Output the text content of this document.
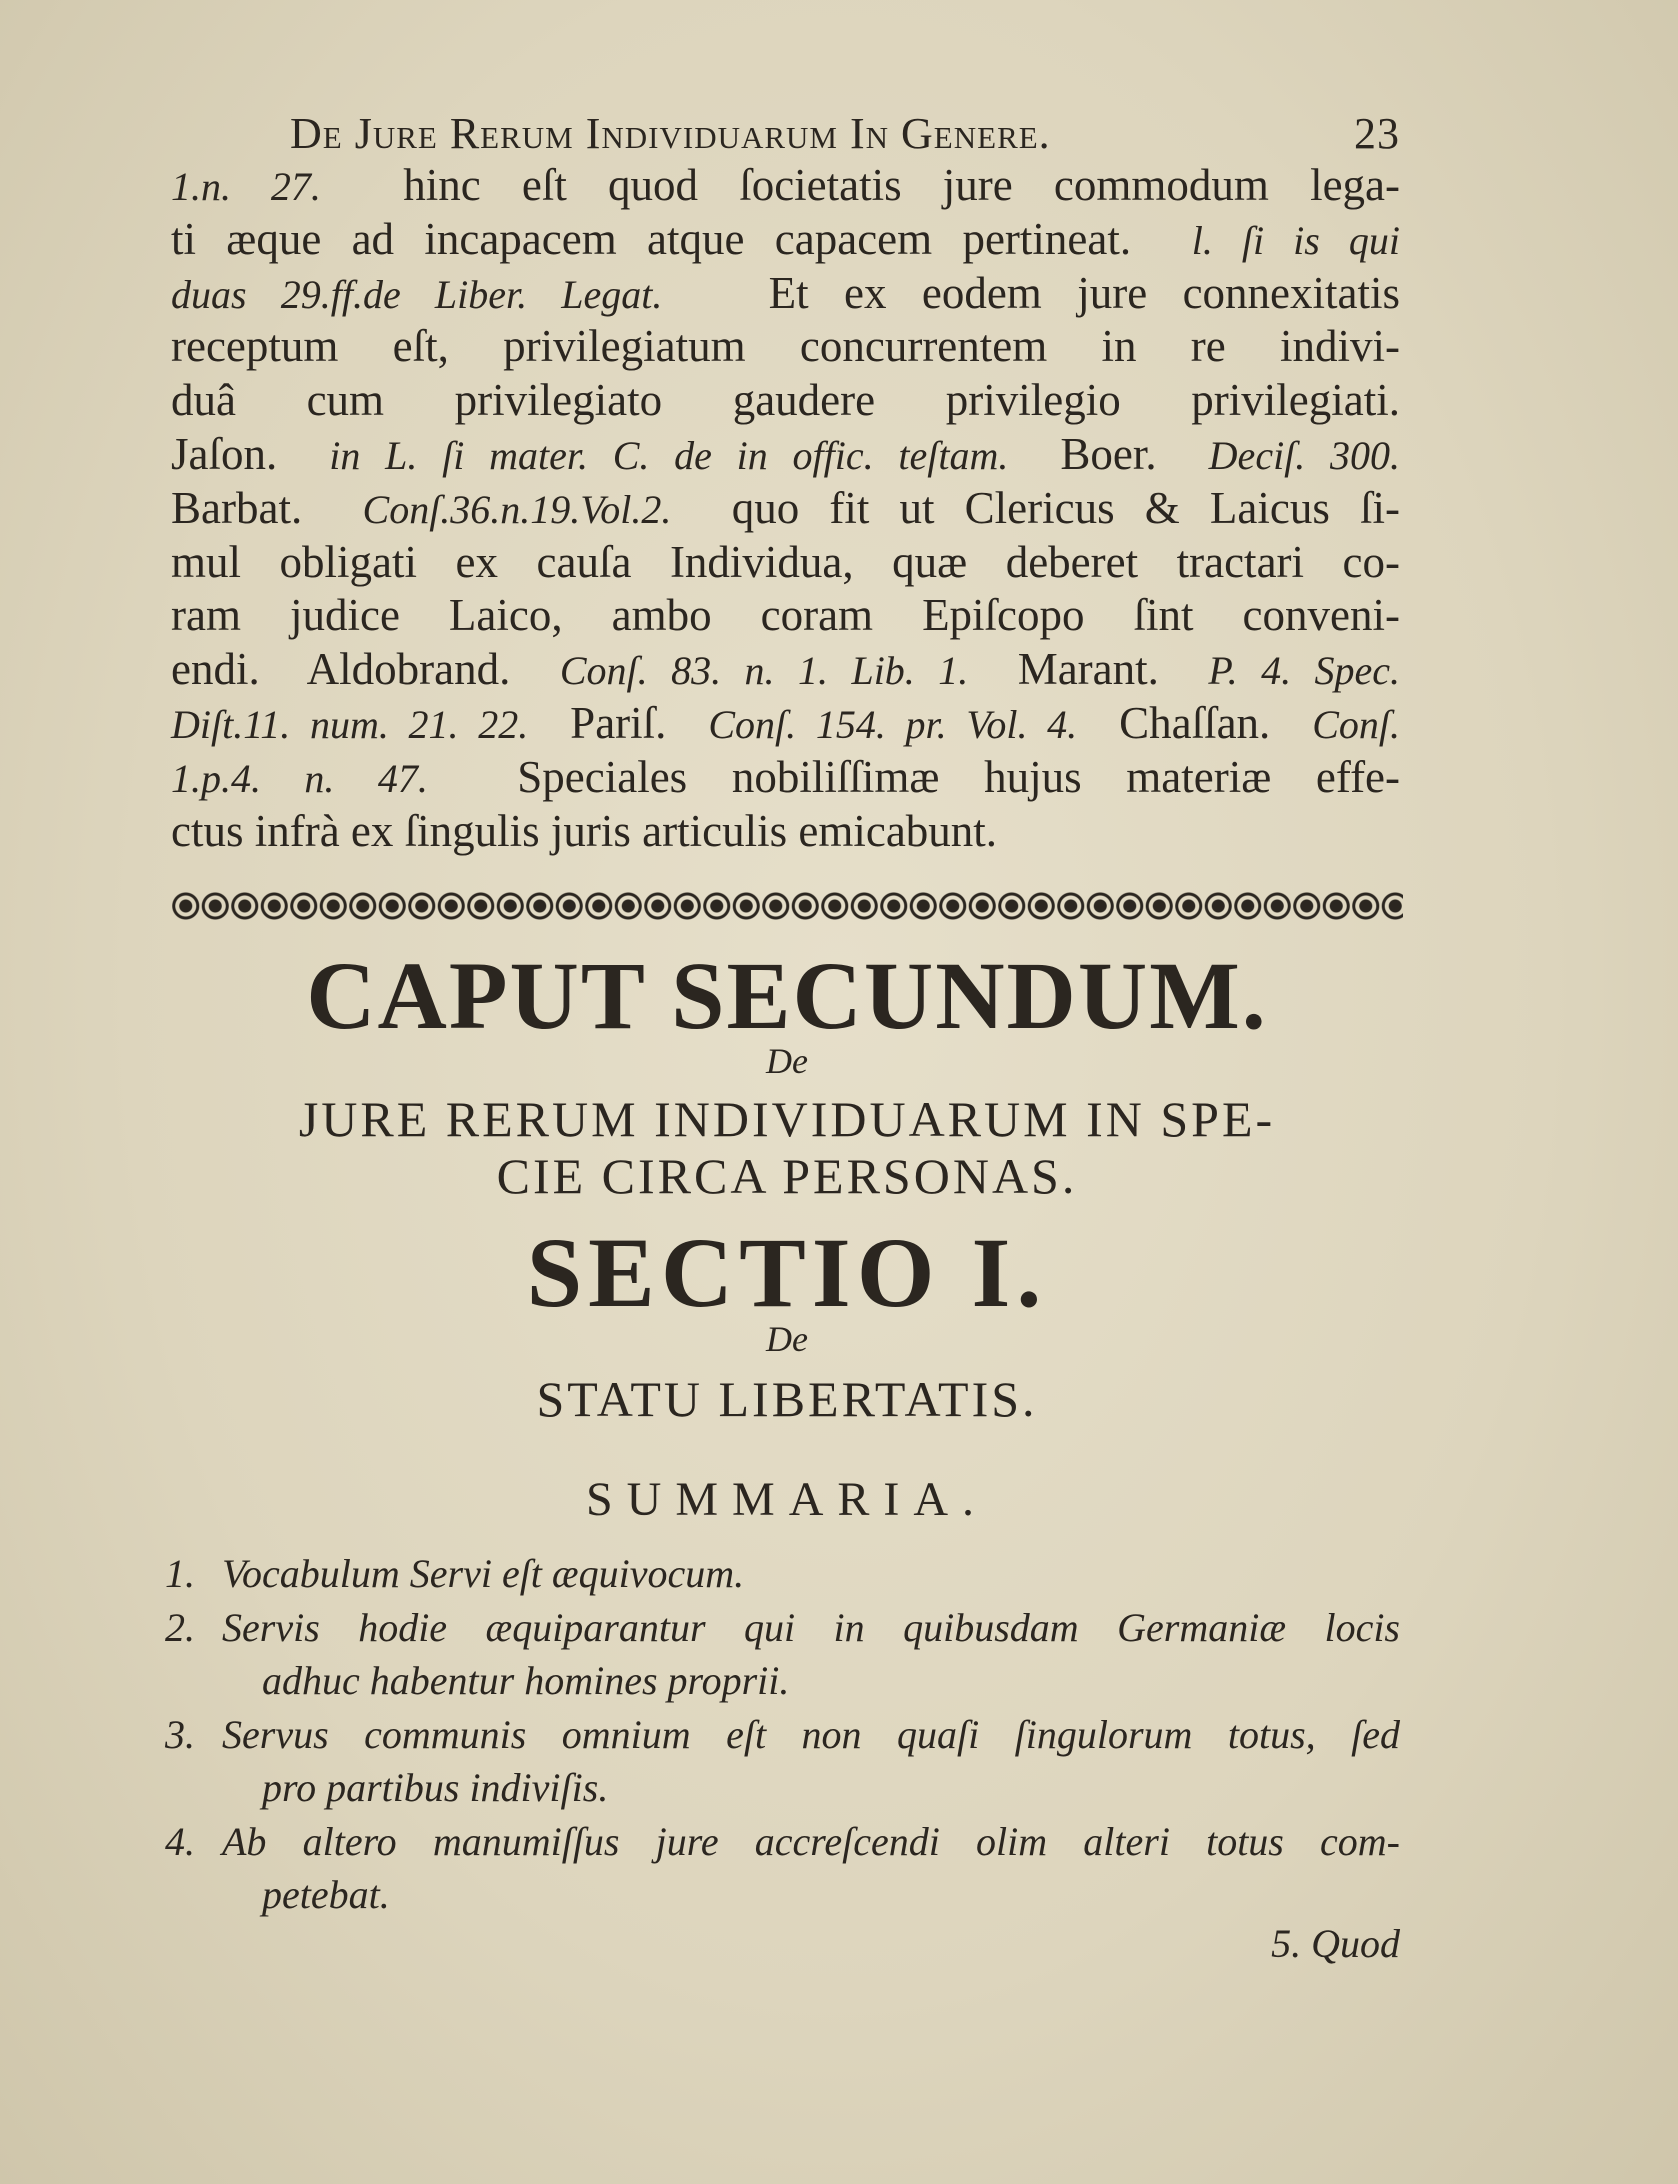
De Jure Rerum Individuarum In Genere.	23
1.n. 27.  hinc eſt quod ſocietatis jure commodum lega-
ti æque ad incapacem atque capacem pertineat.  l. ſi is qui
duas 29.ff.de Liber. Legat.   Et ex eodem jure connexitatis
receptum eſt, privilegiatum concurrentem in re indivi-
duâ cum privilegiato gaudere privilegio privilegiati.
Jaſon.  in L. ſi mater. C. de in offic. teſtam.  Boer.  Deciſ. 300.
Barbat.  Conſ.36.n.19.Vol.2.  quo fit ut Clericus & Laicus ſi-
mul obligati ex cauſa Individua, quæ deberet tractari co-
ram judice Laico, ambo coram Epiſcopo ſint conveni-
endi.  Aldobrand.  Conſ. 83. n. 1. Lib. 1.  Marant.  P. 4. Spec.
Diſt.11. num. 21. 22.  Pariſ.  Conſ. 154. pr. Vol. 4.  Chaſſan.  Conſ.
1.p.4. n. 47.  Speciales nobiliſſimæ hujus materiæ effe-
ctus infrà ex ſingulis juris articulis emicabunt.
CAPUT SECUNDUM.
De
JURE RERUM INDIVIDUARUM IN SPE-
CIE CIRCA PERSONAS.
SECTIO I.
De
STATU LIBERTATIS.
SUMMARIA.
1. Vocabulum Servi eſt æquivocum.
2. Servis hodie æquiparantur qui in quibusdam Germaniæ locis
adhuc habentur homines proprii.
3. Servus communis omnium eſt non quaſi ſingulorum totus, ſed
pro partibus indiviſis.
4. Ab altero manumiſſus jure accreſcendi olim alteri totus com-
petebat.
5. Quod
